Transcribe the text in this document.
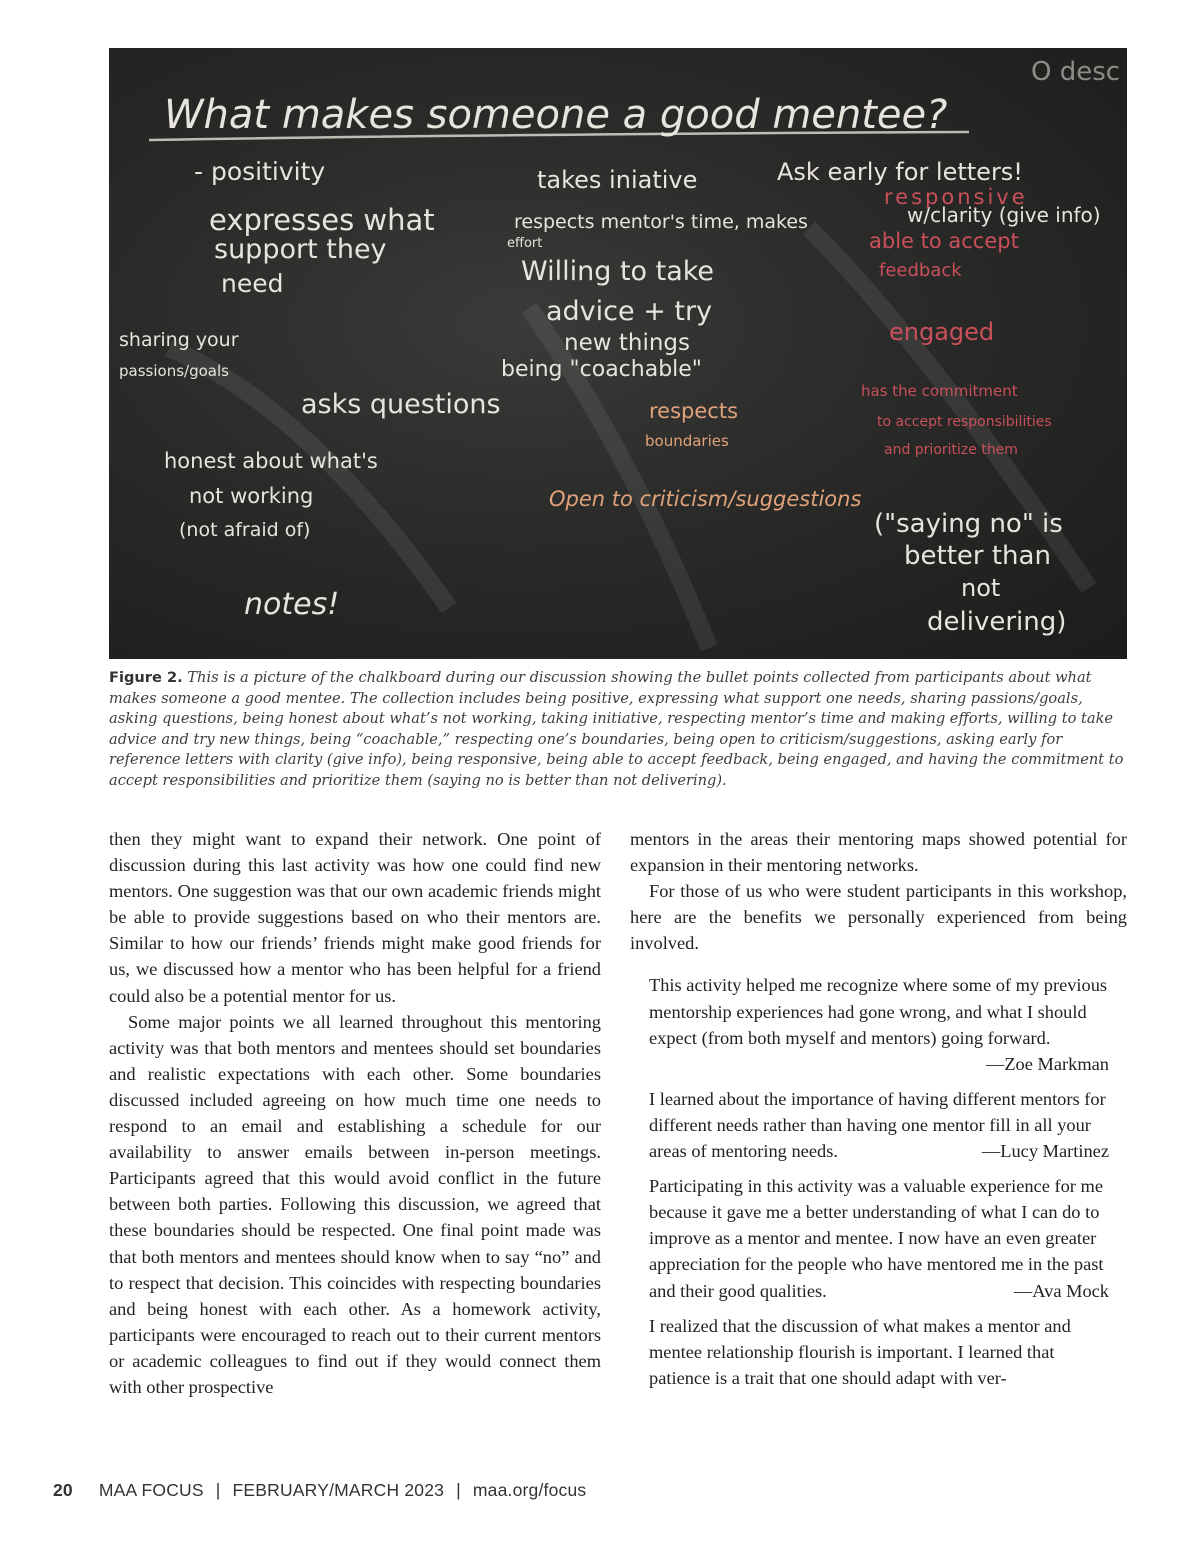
What makes someone a good mentee?
O desc
- positivity
expresses what
support they
need
sharing your
passions/goals
asks questions
honest about what's
not working
(not afraid of)
notes!
takes iniative
respects mentor's time, makes
effort
Willing to take
advice + try
new things
being "coachable"
Ask early for letters!
w/clarity (give info)
("saying no" is
better than
not
delivering)
respects
boundaries
Open to criticism/suggestions
responsive
able to accept
feedback
engaged
has the commitment
to accept responsibilities
and prioritize them

Figure 2. This is a picture of the chalkboard during our discussion showing the bullet points collected from participants about what makes someone a good mentee. The collection includes being positive, expressing what support one needs, sharing passions/goals, asking questions, being honest about what’s not working, taking initiative, respecting mentor’s time and making efforts, willing to take advice and try new things, being “coachable,” respecting one’s boundaries, being open to criticism/suggestions, asking early for reference letters with clarity (give info), being responsive, being able to accept feedback, being engaged, and having the commitment to accept responsibilities and prioritize them (saying no is better than not delivering).

then they might want to expand their network. One point of discussion during this last activity was how one could find new mentors. One suggestion was that our own academic friends might be able to provide suggestions based on who their mentors are. Similar to how our friends’ friends might make good friends for us, we discussed how a mentor who has been helpful for a friend could also be a potential mentor for us.

Some major points we all learned throughout this mentoring activity was that both mentors and mentees should set boundaries and realistic expectations with each other. Some boundaries discussed included agreeing on how much time one needs to respond to an email and establishing a schedule for our availability to answer emails between in-person meetings. Participants agreed that this would avoid conflict in the future between both parties. Following this discussion, we agreed that these boundaries should be respected. One final point made was that both mentors and mentees should know when to say “no” and to respect that decision. This coincides with respecting boundaries and being honest with each other. As a homework activity, participants were encouraged to reach out to their current mentors or academic colleagues to find out if they would connect them with other prospective

mentors in the areas their mentoring maps showed potential for expansion in their mentoring networks.

For those of us who were student participants in this workshop, here are the benefits we personally experienced from being involved.

This activity helped me recognize where some of my previous mentorship experiences had gone wrong, and what I should expect (from both myself and mentors) going forward.
—Zoe Markman
I learned about the importance of having different mentors for different needs rather than having one mentor fill in all your areas of mentoring needs.	—Lucy Martinez
Participating in this activity was a valuable experience for me because it gave me a better understanding of what I can do to improve as a mentor and mentee. I now have an even greater appreciation for the people who have mentored me in the past and their good qualities.	—Ava Mock
I realized that the discussion of what makes a mentor and mentee relationship flourish is important. I learned that patience is a trait that one should adapt with ver-
20 MAA FOCUS | FEBRUARY/MARCH 2023 | maa.org/focus
